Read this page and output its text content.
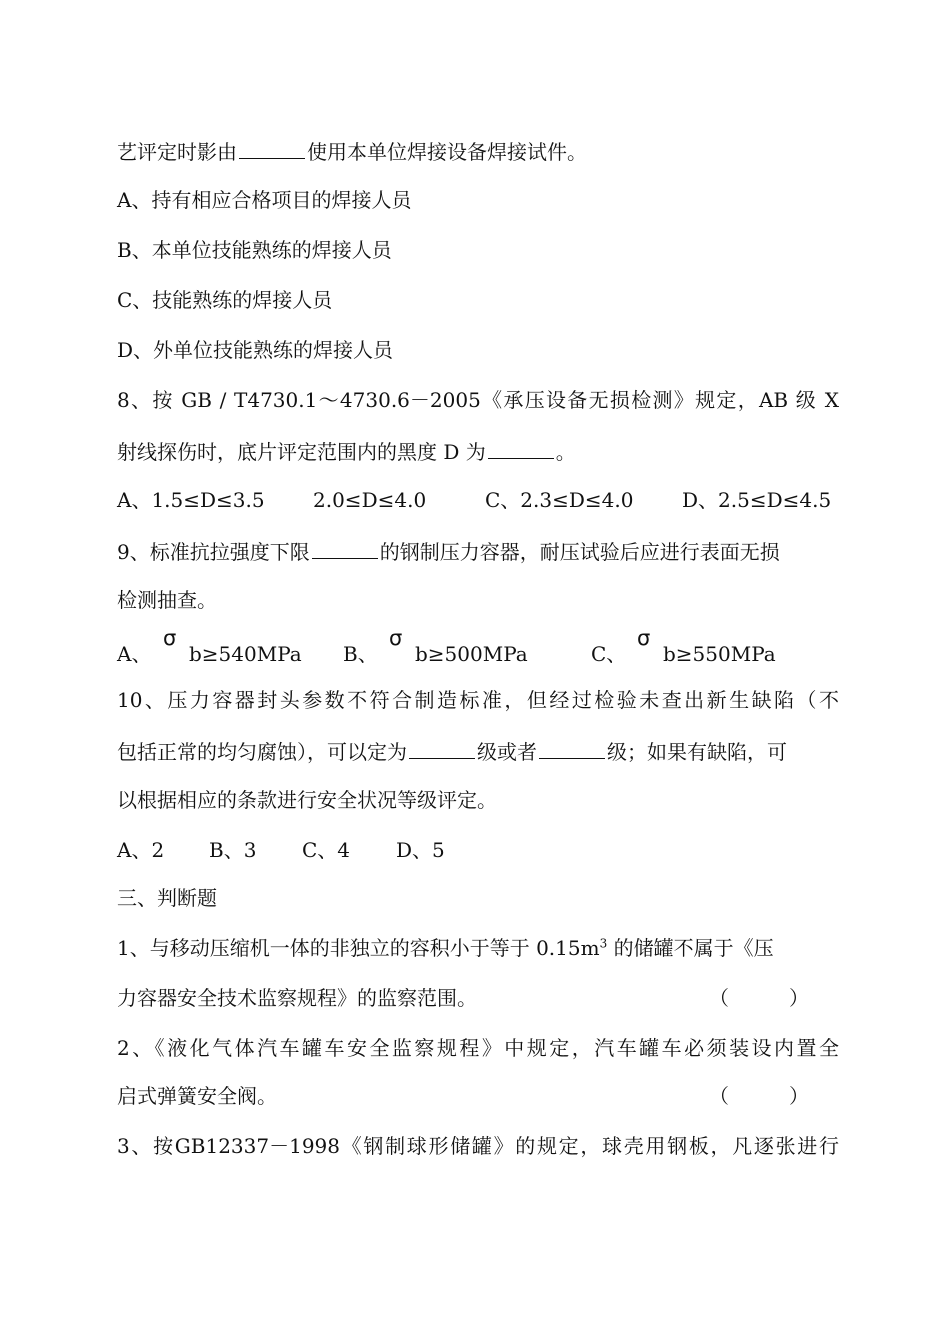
艺评定时影由	使用本单位焊接设备焊接试件。
A、持有相应合格项目的焊接人员
B、本单位技能熟练的焊接人员
C、技能熟练的焊接人员
D、外单位技能熟练的焊接人员
8、按 GB / T4730.1～4730.6－2005《承压设备无损检测》规定，AB 级 X
射线探伤时，底片评定范围内的黑度 D 为	。
A、1.5≤D≤3.5 2.0≤D≤4.0	C、2.3≤D≤4.0 D、2.5≤D≤4.5
9、标准抗拉强度下限	的钢制压力容器，耐压试验后应进行表面无损
检测抽查。
A、
σ
b≥540MPa B、
σ
b≥500MPa	C、
σ
b≥550MPa
10、压力容器封头参数不符合制造标准，但经过检验未查出新生缺陷（不
包括正常的均匀腐蚀），可以定为	级或者	级；如果有缺陷，可
以根据相应的条款进行安全状况等级评定。
A、2 B、3 C、4 D、5
三、判断题
1、与移动压缩机一体的非独立的容积小于等于 $0.15m^3$ 的储罐不属于《压
力容器安全技术监察规程》的监察范围。	（	）
2、《液化气体汽车罐车安全监察规程》中规定，汽车罐车必须装设内置全
启式弹簧安全阀。	（	）
3、按GB12337－1998《钢制球形储罐》的规定，球壳用钢板，凡逐张进行
